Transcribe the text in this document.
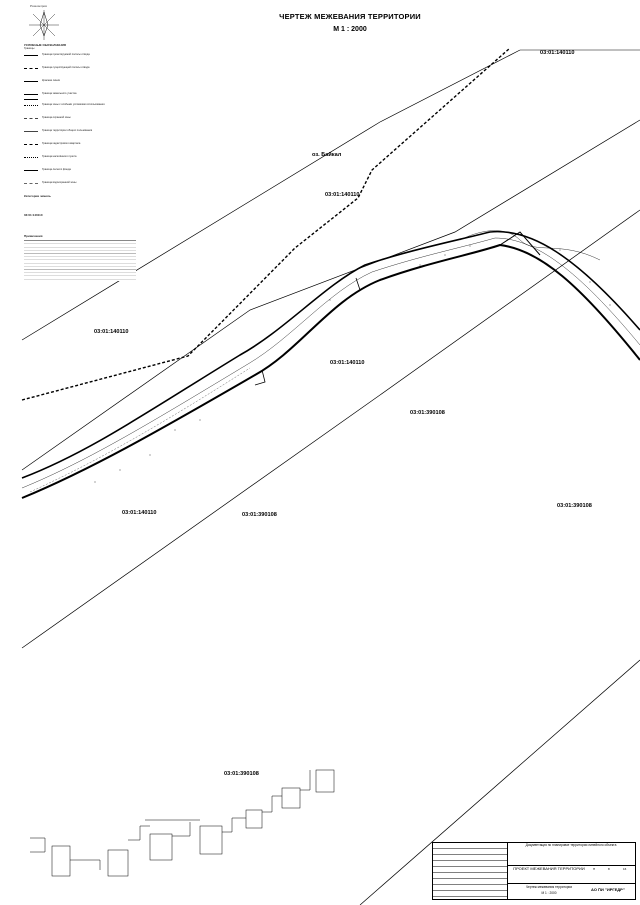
ЧЕРТЕЖ МЕЖЕВАНИЯ ТЕРРИТОРИИ
М 1 : 2000
03:01:140110
03:01:140110
03:01:140110
03:01:140110
03:01:390108
03:01:390108
03:01:140110	03:01:390108
03:01:390108
оз. Байкал
Роза ветров
УСЛОВНЫЕ ОБОЗНАЧЕНИЯ
Границы
Граница проектируемой полосы отвода
Граница существующей полосы отвода
Красная линия
Граница земельного участка
Граница зоны с особыми условиями использования
Граница охранной зоны
Граница территории общего пользования
Граница кадастрового квартала
Граница населённого пункта
Граница лесного фонда
Граница водоохранной зоны
Категории земель
03:01:140110
Примечания
Документация по планировке территории линейного объекта
ПРОЕКТ МЕЖЕВАНИЯ ТЕРРИТОРИИ	П	8	16
Чертеж межевания территории
М 1 : 2000
АО ПИ "ИРГЕДР"
